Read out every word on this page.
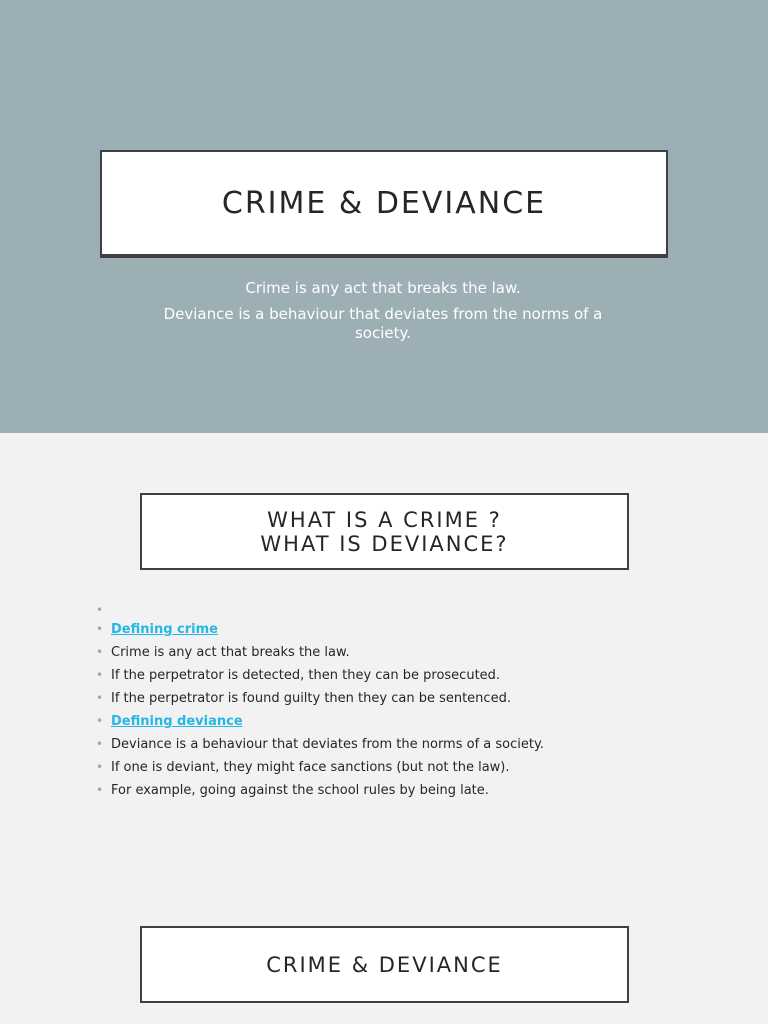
CRIME & DEVIANCE
Crime is any act that breaks the law.
Deviance is a behaviour that deviates from the norms of a society.
WHAT IS A CRIME ?
WHAT IS DEVIANCE?
•
• Defining crime
• Crime is any act that breaks the law.
• If the perpetrator is detected, then they can be prosecuted.
• If the perpetrator is found guilty then they can be sentenced.
• Defining deviance
• Deviance is a behaviour that deviates from the norms of a society.
• If one is deviant, they might face sanctions (but not the law).
• For example, going against the school rules by being late.
CRIME & DEVIANCE
